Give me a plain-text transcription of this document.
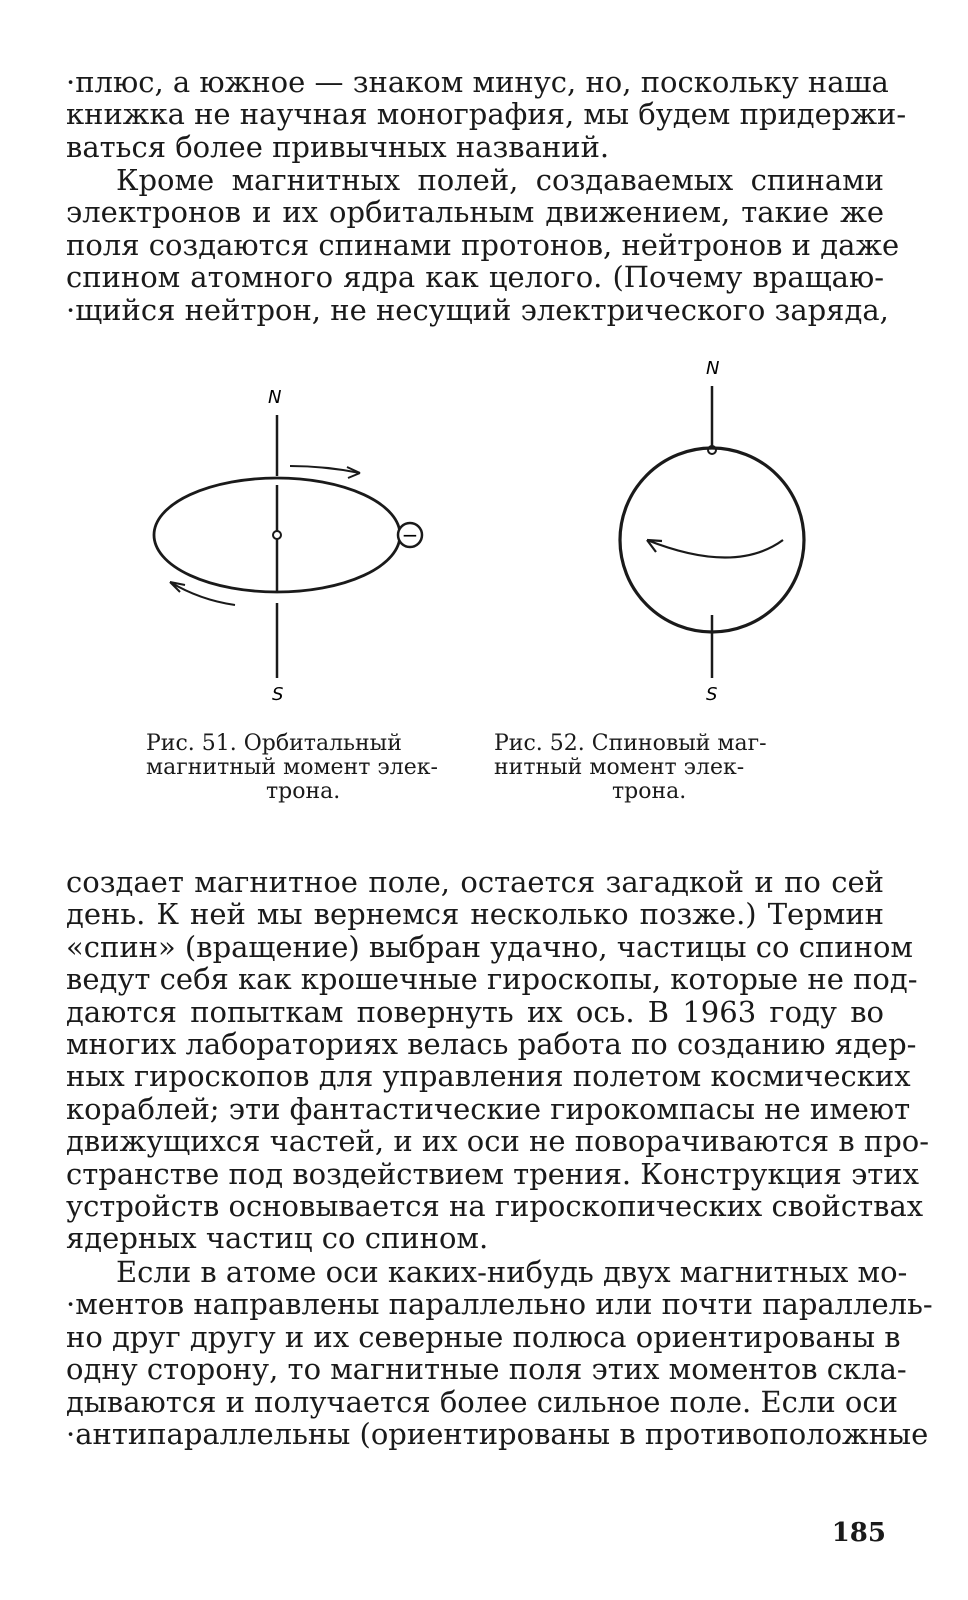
·плюс, а южное — знаком минус, но, поскольку наша
книжка не научная монография, мы будем придержи-
ваться более привычных названий.
Кроме магнитных полей, создаваемых спинами
электронов и их орбитальным движением, такие же
поля создаются спинами протонов, нейтронов и даже
спином атомного ядра как целого. (Почему вращаю-
·щийся нейтрон, не несущий электрического заряда,
N
−
S
N
S
Рис. 51. Орбитальный
магнитный момент элек-
трона.
Рис. 52. Спиновый маг-
нитный момент элек-
трона.
создает магнитное поле, остается загадкой и по сей
день. К ней мы вернемся несколько позже.) Термин
«спин» (вращение) выбран удачно, частицы со спином
ведут себя как крошечные гироскопы, которые не под-
даются попыткам повернуть их ось. В 1963 году во
многих лабораториях велась работа по созданию ядер-
ных гироскопов для управления полетом космических
кораблей; эти фантастические гирокомпасы не имеют
движущихся частей, и их оси не поворачиваются в про-
странстве под воздействием трения. Конструкция этих
устройств основывается на гироскопических свойствах
ядерных частиц со спином.
Если в атоме оси каких-нибудь двух магнитных мо-
·ментов направлены параллельно или почти параллель-
но друг другу и их северные полюса ориентированы в
одну сторону, то магнитные поля этих моментов скла-
дываются и получается более сильное поле. Если оси
·антипараллельны (ориентированы в противоположные
185
